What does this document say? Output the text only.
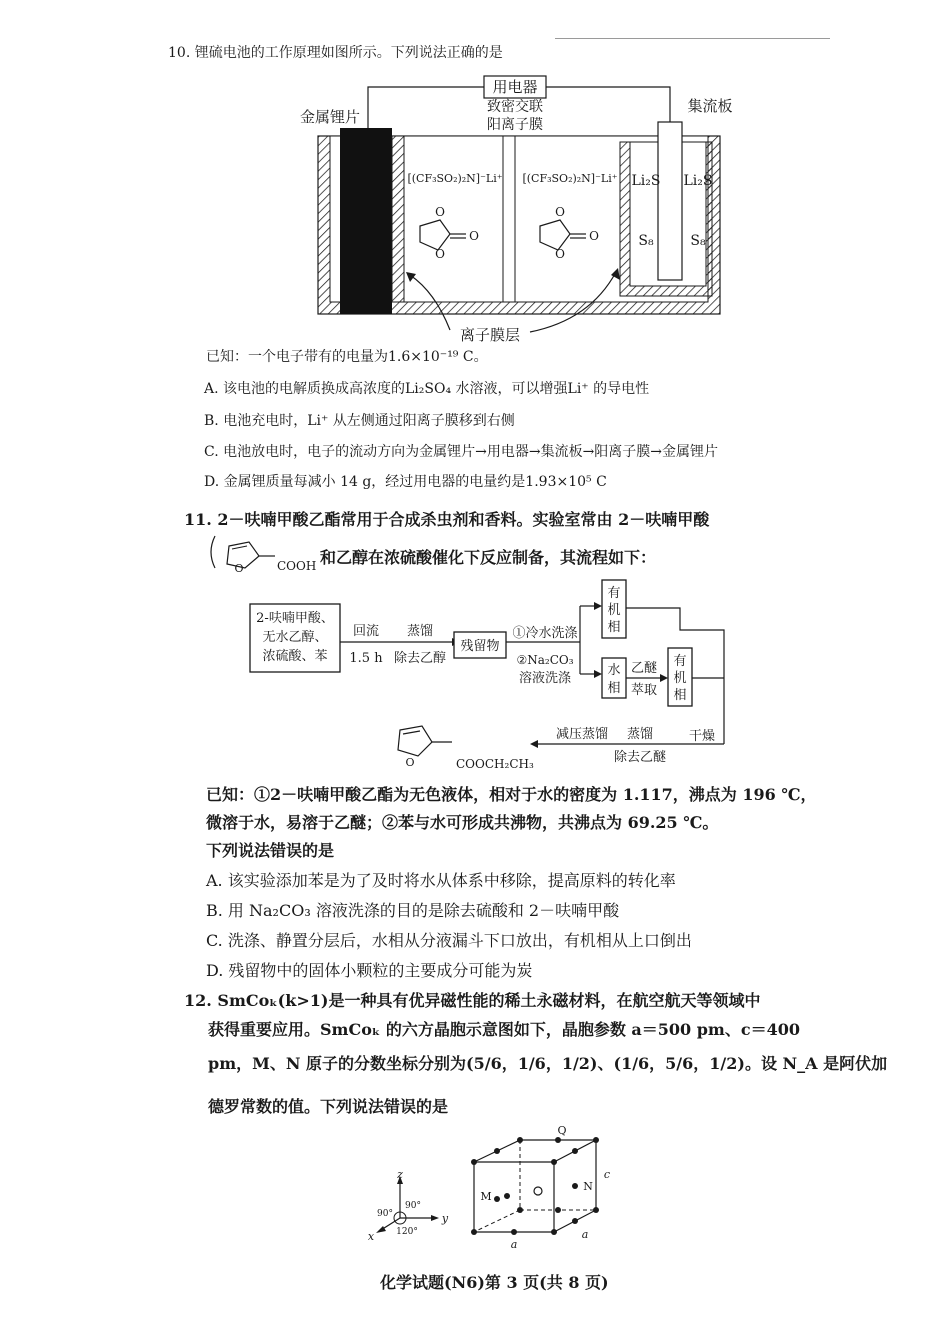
10. 锂硫电池的工作原理如图所示。下列说法正确的是
用电器
致密交联
阳离子膜
金属锂片
集流板
Li₂S Li₂S
S₈	S₈
[(CF₃SO₂)₂N]⁻Li⁺ [(CF₃SO₂)₂N]⁻Li⁺
O
O
O
O
O
O
离子膜层
已知：一个电子带有的电量为1.6×10⁻¹⁹ C。
A. 该电池的电解质换成高浓度的Li₂SO₄ 水溶液，可以增强Li⁺ 的导电性
B. 电池充电时，Li⁺ 从左侧通过阳离子膜移到右侧
C. 电池放电时，电子的流动方向为金属锂片→用电器→集流板→阳离子膜→金属锂片
D. 金属锂质量每减小 14 g，经过用电器的电量约是1.93×10⁵ C
11. 2－呋喃甲酸乙酯常用于合成杀虫剂和香料。实验室常由 2－呋喃甲酸
O	COOH 和乙醇在浓硫酸催化下反应制备，其流程如下：
2-呋喃甲酸、
无水乙醇、
浓硫酸、苯
回流
1.5 h
蒸馏
除去乙醇
残留物
①冷水洗涤
②Na₂CO₃
溶液洗涤
有
机
相
水
相
乙醚
萃取
有
机
相
干燥
蒸馏
除去乙醚
减压蒸馏
O	COOCH₂CH₃
已知：①2－呋喃甲酸乙酯为无色液体，相对于水的密度为 1.117，沸点为 196 ℃，
微溶于水，易溶于乙醚；②苯与水可形成共沸物，共沸点为 69.25 ℃。
下列说法错误的是
A. 该实验添加苯是为了及时将水从体系中移除，提高原料的转化率
B. 用 Na₂CO₃ 溶液洗涤的目的是除去硫酸和 2－呋喃甲酸
C. 洗涤、静置分层后，水相从分液漏斗下口放出，有机相从上口倒出
D. 残留物中的固体小颗粒的主要成分可能为炭
12. SmCoₖ(k>1)是一种具有优异磁性能的稀土永磁材料，在航空航天等领域中
获得重要应用。SmCoₖ 的六方晶胞示意图如下，晶胞参数 a＝500 pm、c＝400
pm，M、N 原子的分数坐标分别为(5/6，1/6，1/2)、(1/6，5/6，1/2)。设 N_A 是阿伏加
德罗常数的值。下列说法错误的是
z
y
x
90°
90°
120°
Q
M
N
c
a
a
化学试题(N6)第 3 页(共 8 页)
